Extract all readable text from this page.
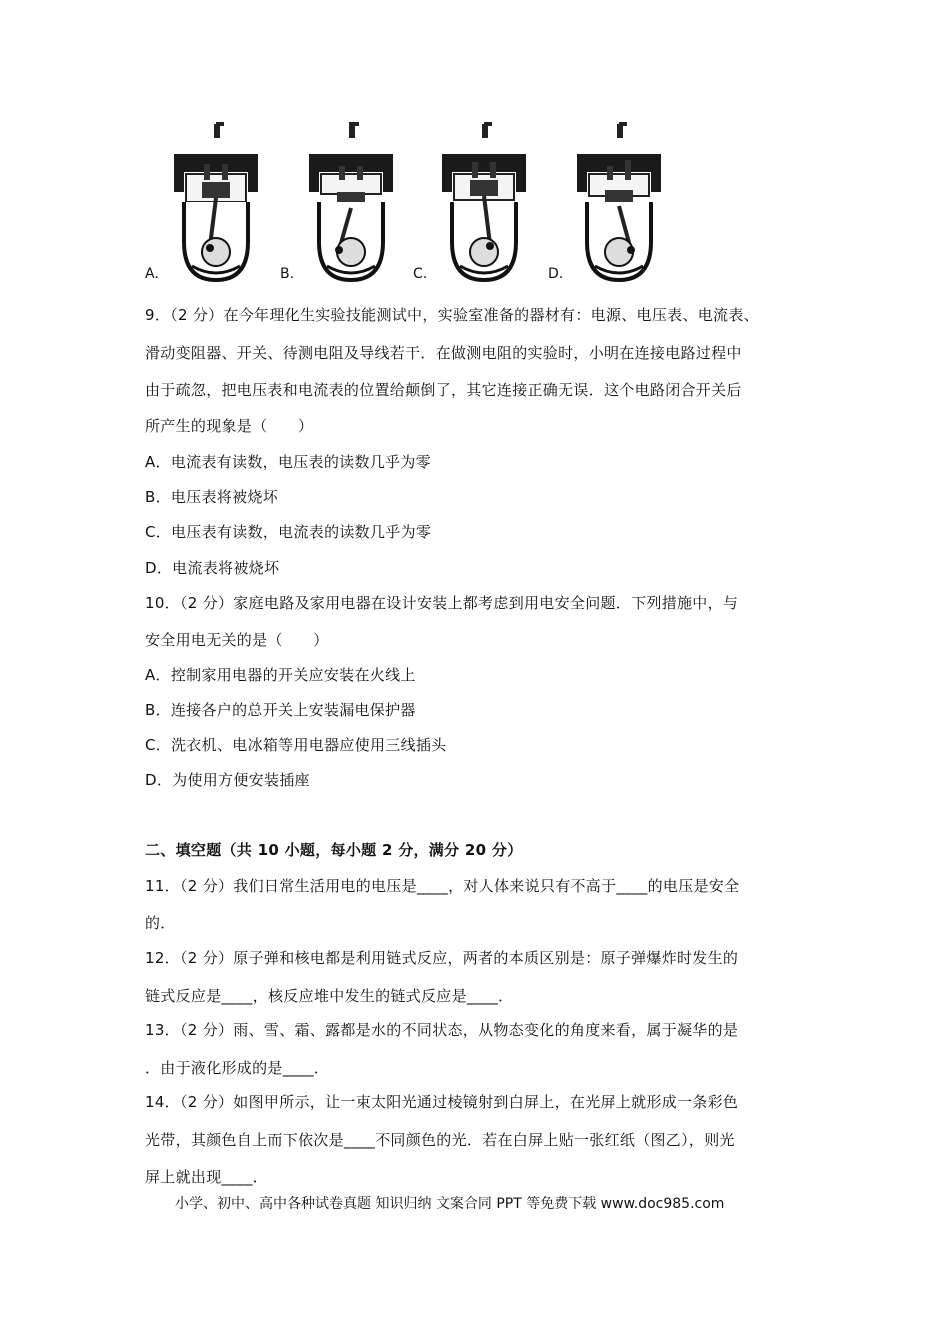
A.	B.	C.	D.
9．（2 分）在今年理化生实验技能测试中，实验室准备的器材有：电源、电压表、电流表、
滑动变阻器、开关、待测电阻及导线若干．在做测电阻的实验时，小明在连接电路过程中
由于疏忽，把电压表和电流表的位置给颠倒了，其它连接正确无误．这个电路闭合开关后
所产生的现象是（　　）
A．电流表有读数，电压表的读数几乎为零
B．电压表将被烧坏
C．电压表有读数，电流表的读数几乎为零
D．电流表将被烧坏
10．（2 分）家庭电路及家用电器在设计安装上都考虑到用电安全问题．下列措施中，与
安全用电无关的是（　　）
A．控制家用电器的开关应安装在火线上
B．连接各户的总开关上安装漏电保护器
C．洗衣机、电冰箱等用电器应使用三线插头
D．为使用方便安装插座
二、填空题（共 10 小题，每小题 2 分，满分 20 分）
11．（2 分）我们日常生活用电的电压是____，对人体来说只有不高于____的电压是安全
的．
12．（2 分）原子弹和核电都是利用链式反应，两者的本质区别是：原子弹爆炸时发生的
链式反应是____，核反应堆中发生的链式反应是____．
13．（2 分）雨、雪、霜、露都是水的不同状态，从物态变化的角度来看，属于凝华的是
．由于液化形成的是____．
14．（2 分）如图甲所示，让一束太阳光通过棱镜射到白屏上，在光屏上就形成一条彩色
光带，其颜色自上而下依次是____不同颜色的光．若在白屏上贴一张红纸（图乙），则光
屏上就出现____．
小学、初中、高中各种试卷真题 知识归纳 文案合同 PPT 等免费下载 www.doc985.com
